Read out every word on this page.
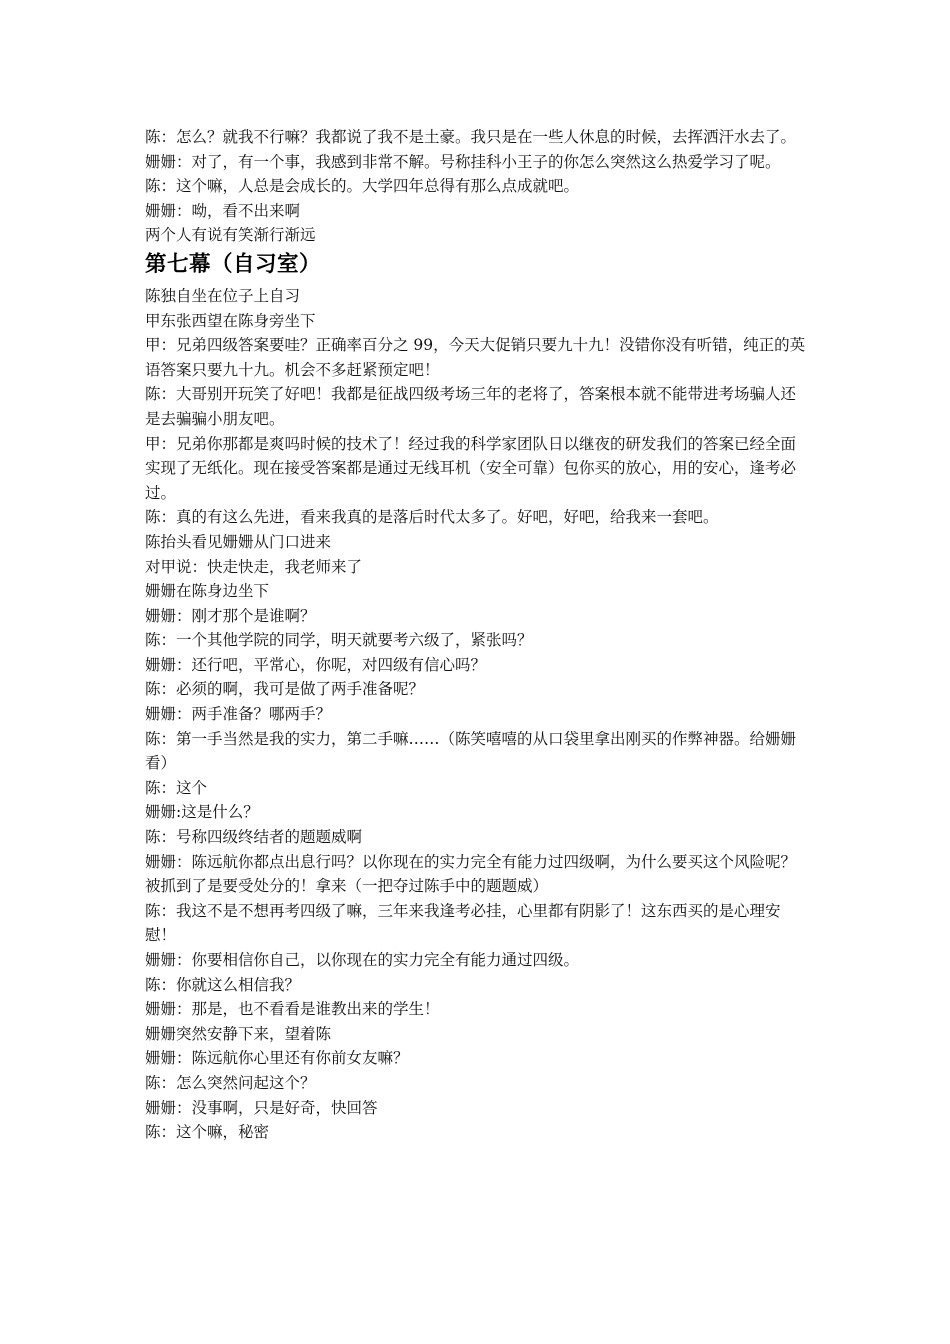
陈：怎么？就我不行嘛？我都说了我不是土豪。我只是在一些人休息的时候，去挥洒汗水去了。

姗姗：对了，有一个事，我感到非常不解。号称挂科小王子的你怎么突然这么热爱学习了呢。

陈：这个嘛，人总是会成长的。大学四年总得有那么点成就吧。

姗姗：呦，看不出来啊

两个人有说有笑渐行渐远

第七幕（自习室）

陈独自坐在位子上自习

甲东张西望在陈身旁坐下

甲：兄弟四级答案要哇？正确率百分之 99，今天大促销只要九十九！没错你没有听错，纯正的英语答案只要九十九。机会不多赶紧预定吧！

陈：大哥别开玩笑了好吧！我都是征战四级考场三年的老将了，答案根本就不能带进考场骗人还是去骗骗小朋友吧。

甲：兄弟你那都是爽吗时候的技术了！经过我的科学家团队日以继夜的研发我们的答案已经全面实现了无纸化。现在接受答案都是通过无线耳机（安全可靠）包你买的放心，用的安心，逢考必过。

陈：真的有这么先进，看来我真的是落后时代太多了。好吧，好吧，给我来一套吧。

陈抬头看见姗姗从门口进来

对甲说：快走快走，我老师来了

姗姗在陈身边坐下

姗姗：刚才那个是谁啊？

陈：一个其他学院的同学，明天就要考六级了，紧张吗？

姗姗：还行吧，平常心，你呢，对四级有信心吗？

陈：必须的啊，我可是做了两手准备呢？

姗姗：两手准备？哪两手？

陈：第一手当然是我的实力，第二手嘛……（陈笑嘻嘻的从口袋里拿出刚买的作弊神器。给姗姗看）

陈：这个

姗姗:这是什么？

陈：号称四级终结者的题题威啊

姗姗：陈远航你都点出息行吗？以你现在的实力完全有能力过四级啊，为什么要买这个风险呢？被抓到了是要受处分的！拿来（一把夺过陈手中的题题威）

陈：我这不是不想再考四级了嘛，三年来我逢考必挂，心里都有阴影了！这东西买的是心理安慰！

姗姗：你要相信你自己，以你现在的实力完全有能力通过四级。

陈：你就这么相信我？

姗姗：那是，也不看看是谁教出来的学生！

姗姗突然安静下来，望着陈

姗姗：陈远航你心里还有你前女友嘛？

陈：怎么突然问起这个？

姗姗：没事啊，只是好奇，快回答

陈：这个嘛，秘密
